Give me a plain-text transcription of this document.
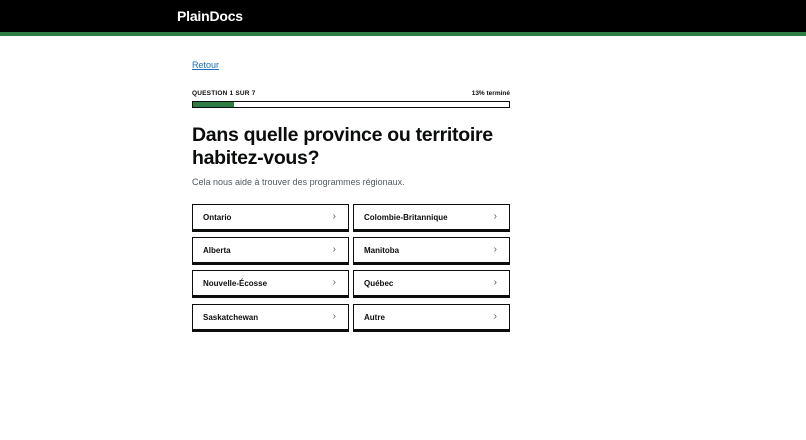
PlainDocs
Retour
QUESTION 1 SUR 7	13% terminé
Dans quelle province ou territoire habitez-vous?

Cela nous aide à trouver des programmes régionaux.

Ontario	›	Colombie-Britannique	›
Alberta	›	Manitoba	›
Nouvelle-Écosse	›	Québec	›
Saskatchewan	›	Autre	›
